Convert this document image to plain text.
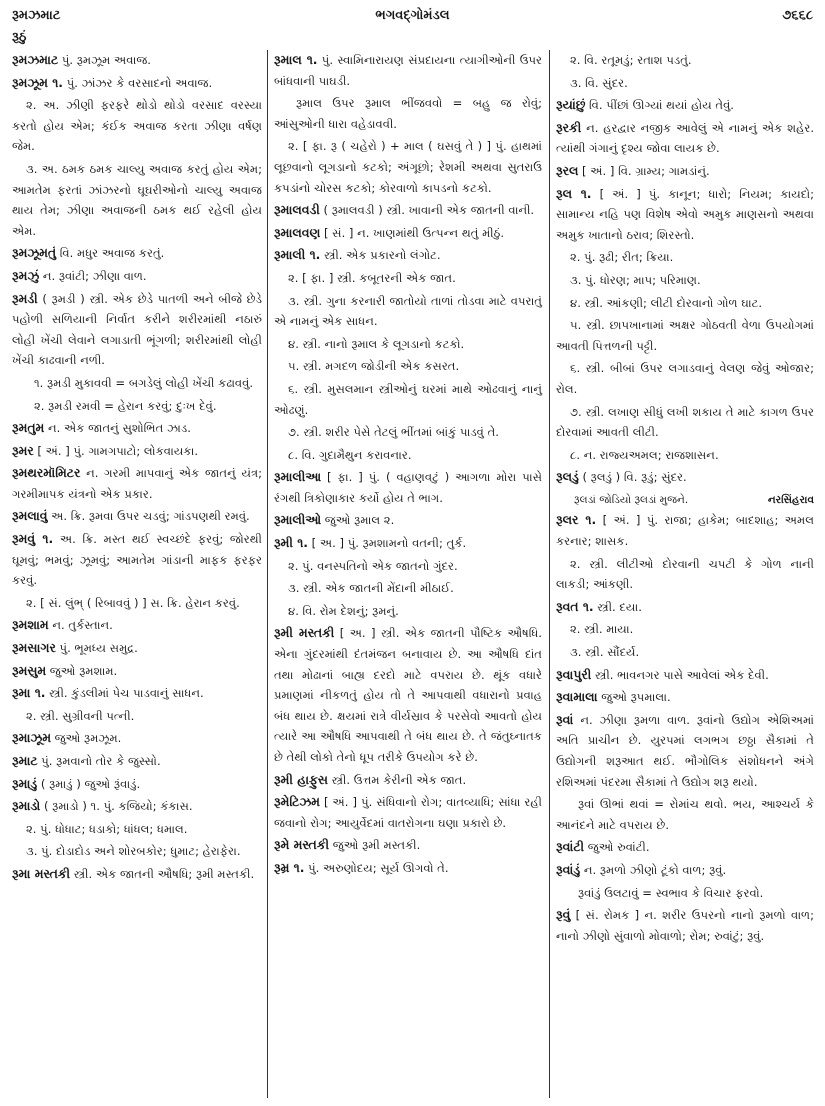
રૂમઝમાટ	ભગવદ્ગોમંડલ	૭૬૬૮
રૂઠું
રૂમઝમાટ પું. રૂમઝૂમ અવાજ.
રૂમઝૂમ ૧. પું. ઝાંઝર કે વરસાદનો અવાજ.
૨. અ. ઝીણી ફરફરે થોડો થોડો વરસાદ વરસ્યા કરતો હોય એમ; કંઈક અવાજ કરતા ઝીણા વર્ષણ જેમ.
૩. અ. ઠમક ઠમક ચાલ્યુ અવાજ કરતું હોય એમ; આમતેમ ફરતાં ઝાંઝરનો ઘૂઘરીઓનો ચાલ્યુ અવાજ થાય તેમ; ઝીણા અવાજની ઠમક થઈ રહેલી હોય એમ.
રૂમઝૂમતું વિ. મધુર અવાજ કરતું.
રૂમઝું ન. રૂવાંટી; ઝીણા વાળ.
રૂમડી ( રૂમડી ) સ્ત્રી. એક છેડે પાતળી અને બીજે છેડે પહોળી સળિયાની નિર્વાત કરીને શરીરમાંથી નઠારું લોહી ખેંચી લેવાને લગાડાતી ભૂંગળી; શરીરમાંથી લોહી ખેંચી કાઢવાની નળી.
૧. રૂમડી મુકાવવી = બગડેલું લોહી ખેંચી કઢાવવું.
૨. રૂમડી રમવી = હેરાન કરવું; દુઃખ દેવું.
રૂમતુમ ન. એક જાતનું સુશોભિત ઝાડ.
રૂમર [ અં. ] પું. ગામગપાટો; લોકવાયકા.
રૂમથરમૉમિટર ન. ગરમી માપવાનું એક જાતનું યંત્ર; ગરમીમાપક યંત્રનો એક પ્રકાર.
રૂમલાવું અ. ક્રિ. રૂમવા ઉપર ચડવું; ગાંડપણથી રમવું.
રૂમવું ૧. અ. ક્રિ. મસ્ત થઈ સ્વચ્છંદે ફરવું; જોરથી ઘૂમવું; ભમવું; ઝૂમવું; આમતેમ ગાંડાની માફક ફરફર કરવું.
૨. [ સં. લુંભ્ ( રિબાવવું ) ] સ. ક્રિ. હેરાન કરવું.
રૂમશામ ન. તુર્કસ્તાન.
રૂમસાગર પું. ભૂમધ્ય સમુદ્ર.
રૂમસુમ જુઓ રૂમશામ.
રૂમા ૧. સ્ત્રી. કુંડલીમાં પેચ પાડવાનું સાધન.
૨. સ્ત્રી. સુગ્રીવની પત્ની.
રૂમાઝૂમ જુઓ રૂમઝૂમ.
રૂમાટ પું. રૂમવાનો તોર કે જુસ્સો.
રૂમાડું ( રૂમાડું ) જુઓ રૂંવાડું.
રૂમાડો ( રૂમાડો ) ૧. પું. કજિયો; કંકાસ.
૨. પું. ધોધાટ; ધડાકો; ધાંધલ; ધમાલ.
૩. પું. દોડાદોડ અને શોરબકોર; ધુમાટ; હેરાફેરા.
રૂમા મસ્તકી સ્ત્રી. એક જાતની ઔષધિ; રૂમી મસ્તકી.
રૂમાલ ૧. પું. સ્વામિનારાયણ સંપ્રદાયના ત્યાગીઓની ઉપર બાંધવાની પાઘડી.
રૂમાલ ઉપર રૂમાલ ભીંજવવો = બહુ જ રોવું; આંસુઓની ધારા વહેડાવવી.
૨. [ ફા. રૂ ( ચહેરો ) + માલ ( ઘસવું તે ) ] પું. હાથમાં લૂછવાનો લૂગડાનો કટકો; અંગૂછો; રેશમી અથવા સુતરાઉ કપડાંનો ચોરસ કટકો; કોરવાળો કાપડનો કટકો.
રૂમાલવડી ( રૂમાલવડી ) સ્ત્રી. ખાવાની એક જાતની વાની.
રૂમાલવણ [ સં. ] ન. ખાણમાંથી ઉત્પન્ન થતું મીઠું.
રૂમાલી ૧. સ્ત્રી. એક પ્રકારનો લંગોટ.
૨. [ ફા. ] સ્ત્રી. કબૂતરની એક જાત.
૩. સ્ત્રી. ગુના કરનારી જાતોયો તાળાં તોડવા માટે વપરાતું એ નામનું એક સાધન.
૪. સ્ત્રી. નાનો રૂમાલ કે લૂગડાનો કટકો.
૫. સ્ત્રી. મગદળ જોડીની એક કસરત.
૬. સ્ત્રી. મુસલમાન સ્ત્રીઓનું ઘરમાં માથે ઓઢવાનું નાનું ઓઢણું.
૭. સ્ત્રી. શરીર પેસે તેટલું ભીંતમાં બાંકું પાડવું તે.
૮. વિ. ગુદામૈથુન કરાવનાર.
રૂમાલીઆ [ ફા. ] પું. ( વહાણવટું ) આગળા મોરા પાસે રંગથી ત્રિકોણાકાર કર્યો હોય તે ભાગ.
રૂમાલીઓ જુઓ રૂમાલ ૨.
રૂમી ૧. [ અ. ] પું. રૂમશામનો વતની; તુર્ક.
૨. પું. વનસ્પતિનો એક જાતનો ગુંદર.
૩. સ્ત્રી. એક જાતની મેંદાની મીઠાઈ.
૪. વિ. રોમ દેશનું; રૂમનું.
રૂમી મસ્તકી [ અ. ] સ્ત્રી. એક જાતની પૌષ્ટિક ઔષધિ. એના ગુંદરમાંથી દંતમંજન બનાવાય છે. આ ઔષધિ દાંત તથા મોઢાનાં બાહ્ય દરદો માટે વપરાય છે. થૂંક વધારે પ્રમાણમાં નીકળતું હોય તો તે આપવાથી વધારાનો પ્રવાહ બંધ થાય છે. ક્ષયમાં રાત્રે વીર્યસ્રાવ કે પરસેવો આવતો હોય ત્યારે આ ઔષધિ આપવાથી તે બંધ થાય છે. તે જંતુઘ્નાતક છે તેથી લોકો તેનો ધૂપ તરીકે ઉપયોગ કરે છે.
રૂમી હાફુસ સ્ત્રી. ઉત્તમ કેરીની એક જાત.
રૂમેટિઝમ [ અં. ] પું. સંધિવાનો રોગ; વાતવ્યાધિ; સાંધા રહી જવાનો રોગ; આયુર્વેદમાં વાતરોગના ઘણા પ્રકારો છે.
રૂમે મસ્તકી જુઓ રૂમી મસ્તકી.
રૂમ્ર ૧. પું. અરુણોદય; સૂર્ય ઊગવો તે.
૨. વિ. રતૂમડું; રતાશ પડતું.
૩. વિ. સુંદર.
રૂયાંછું વિ. પીંછાં ઊગ્યાં થયાં હોય તેવું.
રૂરકી ન. હરદ્વાર નજીક આવેલું એ નામનું એક શહેર. ત્યાંથી ગંગાનું દૃશ્ય જોવા લાયક છે.
રૂરલ [ અં. ] વિ. ગ્રામ્ય; ગામડાંનું.
રૂલ ૧. [ અં. ] પું. કાનૂન; ધારો; નિયમ; કાયદો; સામાન્ય નહિ પણ વિશેષ એવો અમુક માણસનો અથવા અમુક ખાતાનો ઠરાવ; શિરસ્તો.
૨. પું. રૂઢી; રીત; ક્રિયા.
૩. પું. ધોરણ; માપ; પરિમાણ.
૪. સ્ત્રી. આંકણી; લીટી દોરવાનો ગોળ ઘાટ.
૫. સ્ત્રી. છાપખાનામાં અક્ષર ગોઠવતી વેળા ઉપયોગમાં આવતી પિત્તળની પટ્ટી.
૬. સ્ત્રી. બીબાં ઉપર લગાડવાનું વેલણ જેવું ઓજાર; રોલ.
૭. સ્ત્રી. લખાણ સીધું લખી શકાય તે માટે કાગળ ઉપર દોરવામાં આવતી લીટી.
૮. ન. રાજ્યઅમલ; રાજશાસન.
રૂલડું ( રૂલડું ) વિ. રૂડું; સુંદર.
રૂલડાં જોડિયો રૂલડાં મુજને.	નરસિંહરાવ
રૂલર ૧. [ અં. ] પું. રાજા; હાકેમ; બાદશાહ; અમલ કરનાર; શાસક.
૨. સ્ત્રી. લીટીઓ દોરવાની ચપટી કે ગોળ નાની લાકડી; આંકણી.
રૂવત ૧. સ્ત્રી. દયા.
૨. સ્ત્રી. માયા.
૩. સ્ત્રી. સૌંદર્ય.
રૂવાપુરી સ્ત્રી. ભાવનગર પાસે આવેલાં એક દેવી.
રૂવામાલા જુઓ રૂપમાલા.
રૂવાં ન. ઝીણા રૂમળા વાળ. રૂવાંનો ઉદ્યોગ એશિઅમાં અતિ પ્રાચીન છે. યુરપમાં લગભગ છઠ્ઠા સૈકામાં તે ઉદ્યોગની શરૂઆત થઈ. ભૌગોલિક સંશોધનને અંગે રશિઅમાં પંદરમા સૈકામાં તે ઉદ્યોગ શરૂ થયો.
રૂવાં ઊભાં થવાં = રોમાંચ થવો. ભય, આશ્ચર્ય કે આનંદને માટે વપરાય છે.
રૂવાંટી જુઓ રુવાંટી.
રૂવાંડું ન. રૂમળો ઝીણો ટૂંકો વાળ; રૂવું.
રૂવાંડું ઉલટાવું = સ્વભાવ કે વિચાર ફરવો.
રૂવું [ સં. રોમક ] ન. શરીર ઉપરનો નાનો રૂમળો વાળ; નાનો ઝીણો સુંવાળો મોવાળો; રોમ; રુવાંટું; રૂવું.
